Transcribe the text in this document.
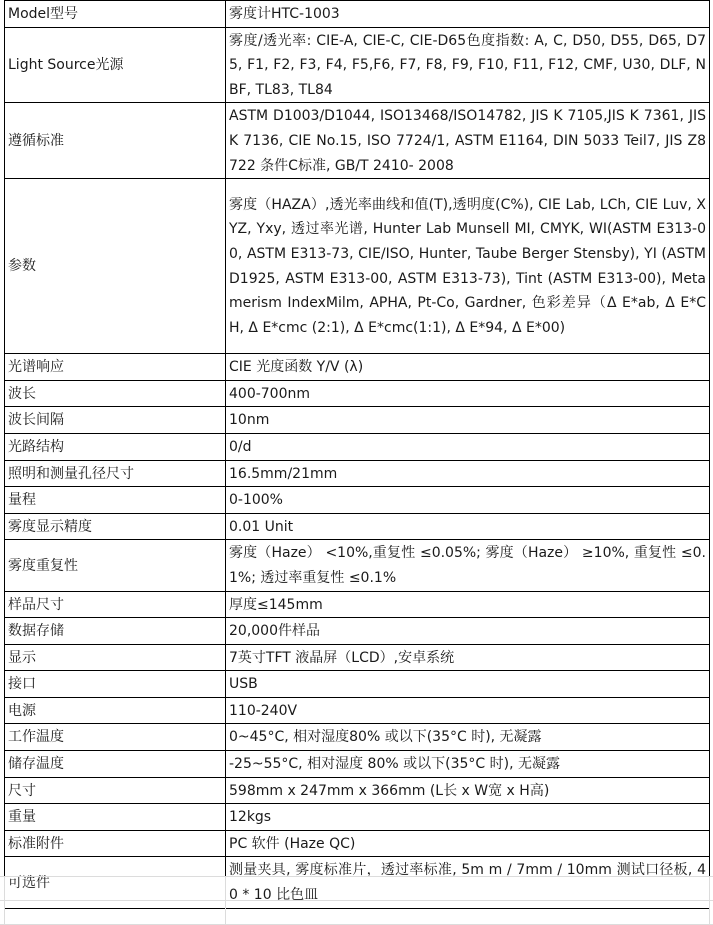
Model型号	雾度计HTC-1003
Light Source光源	雾度/透光率: CIE-A, CIE-C, CIE-D65色度指数: A, C, D50, D55, D65, D75, F1, F2, F3, F4, F5,F6, F7, F8, F9, F10, F11, F12, CMF, U30, DLF, NBF, TL83, TL84
遵循标准	ASTM D1003/D1044, ISO13468/ISO14782, JIS K 7105,JIS K 7361, JIS K 7136, CIE No.15, ISO 7724/1, ASTM E1164, DIN 5033 Teil7, JIS Z8722 条件C标准, GB/T 2410- 2008
参数	雾度（HAZA）,透光率曲线和值(T),透明度(C%), CIE Lab, LCh, CIE Luv, XYZ, Yxy, 透过率光谱, Hunter Lab Munsell MI, CMYK, WI(ASTM E313-00, ASTM E313-73, CIE/ISO, Hunter, Taube Berger Stensby), YI (ASTM D1925, ASTM E313-00, ASTM E313-73), Tint (ASTM E313-00), Metamerism IndexMilm, APHA, Pt-Co, Gardner, 色彩差异（Δ E*ab, Δ E*CH, Δ E*cmc (2:1), Δ E*cmc(1:1), Δ E*94, Δ E*00)
光谱响应	CIE 光度函数 Y/V (λ)
波长	400-700nm
波长间隔	10nm
光路结构	0/d
照明和测量孔径尺寸	16.5mm/21mm
量程	0-100%
雾度显示精度	0.01 Unit
雾度重复性	雾度（Haze） <10%,重复性 ≤0.05%; 雾度（Haze） ≥10%, 重复性 ≤0.1%; 透过率重复性 ≤0.1%
样品尺寸	厚度≤145mm
数据存储	20,000件样品
显示	7英寸TFT 液晶屏（LCD）,安卓系统
接口	USB
电源	110-240V
工作温度	0~45°C, 相对湿度80% 或以下(35°C 时), 无凝露
储存温度	-25~55°C, 相对湿度 80% 或以下(35°C 时), 无凝露
尺寸	598mm x 247mm x 366mm (L长 x W宽 x H高)
重量	12kgs
标准附件	PC 软件 (Haze QC)
可选件	测量夹具, 雾度标准片，透过率标准, 5m m / 7mm / 10mm 测试口径板, 40 * 10 比色皿
